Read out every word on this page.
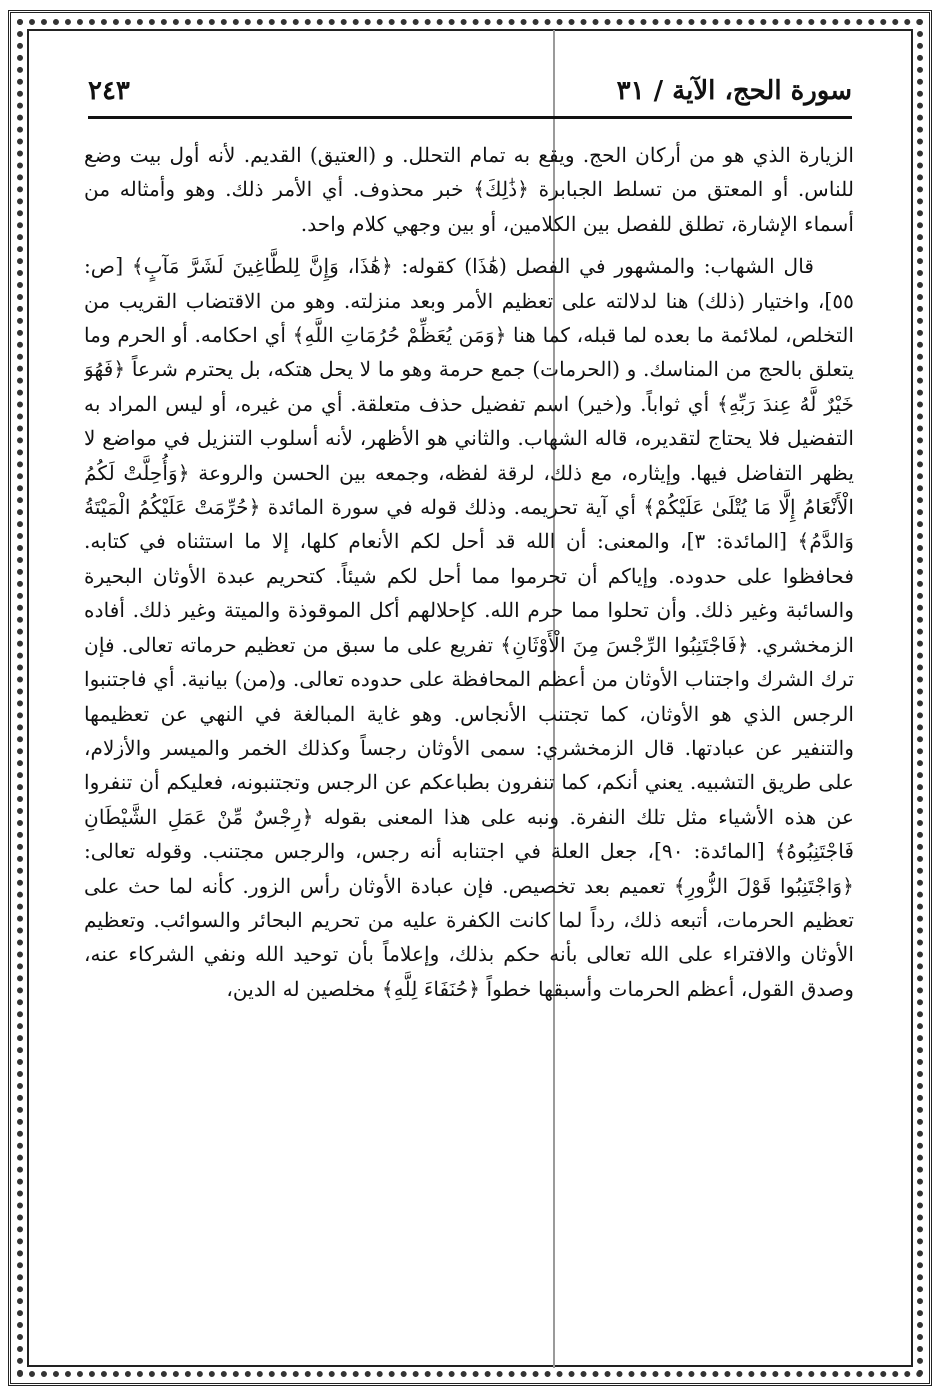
سورة الحج، الآية / ٣١
٢٤٣

الزيارة الذي هو من أركان الحج. ويقع به تمام التحلل. و (العتيق) القديم. لأنه أول بيت وضع للناس. أو المعتق من تسلط الجبابرة ﴿ذَٰلِكَ﴾ خبر محذوف. أي الأمر ذلك. وهو وأمثاله من أسماء الإشارة، تطلق للفصل بين الكلامين، أو بين وجهي كلام واحد.

قال الشهاب: والمشهور في الفصل (هَٰذَا) كقوله: ﴿هَٰذَا، وَإِنَّ لِلطَّاغِينَ لَشَرَّ مَآبٍ﴾ [ص: ٥٥]، واختيار (ذلك) هنا لدلالته على تعظيم الأمر وبعد منزلته. وهو من الاقتضاب القريب من التخلص، لملائمة ما بعده لما قبله، كما هنا ﴿وَمَن يُعَظِّمْ حُرُمَاتِ اللَّهِ﴾ أي احكامه. أو الحرم وما يتعلق بالحج من المناسك. و (الحرمات) جمع حرمة وهو ما لا يحل هتكه، بل يحترم شرعاً ﴿فَهُوَ خَيْرٌ لَّهُ عِندَ رَبِّهِ﴾ أي ثواباً. و(خير) اسم تفضيل حذف متعلقة. أي من غيره، أو ليس المراد به التفضيل فلا يحتاج لتقديره، قاله الشهاب. والثاني هو الأظهر، لأنه أسلوب التنزيل في مواضع لا يظهر التفاضل فيها. وإيثاره، مع ذلك، لرقة لفظه، وجمعه بين الحسن والروعة ﴿وَأُحِلَّتْ لَكُمُ الْأَنْعَامُ إِلَّا مَا يُتْلَىٰ عَلَيْكُمْ﴾ أي آية تحريمه. وذلك قوله في سورة المائدة ﴿حُرِّمَتْ عَلَيْكُمُ الْمَيْتَةُ وَالدَّمُ﴾ [المائدة: ٣]، والمعنى: أن الله قد أحل لكم الأنعام كلها، إلا ما استثناه في كتابه. فحافظوا على حدوده. وإياكم أن تحرموا مما أحل لكم شيئاً. كتحريم عبدة الأوثان البحيرة والسائبة وغير ذلك. وأن تحلوا مما حرم الله. كإحلالهم أكل الموقوذة والميتة وغير ذلك. أفاده الزمخشري. ﴿فَاجْتَنِبُوا الرِّجْسَ مِنَ الْأَوْثَانِ﴾ تفريع على ما سبق من تعظيم حرماته تعالى. فإن ترك الشرك واجتناب الأوثان من أعظم المحافظة على حدوده تعالى. و(من) بيانية. أي فاجتنبوا الرجس الذي هو الأوثان، كما تجتنب الأنجاس. وهو غاية المبالغة في النهي عن تعظيمها والتنفير عن عبادتها. قال الزمخشري: سمى الأوثان رجساً وكذلك الخمر والميسر والأزلام، على طريق التشبيه. يعني أنكم، كما تنفرون بطباعكم عن الرجس وتجتنبونه، فعليكم أن تنفروا عن هذه الأشياء مثل تلك النفرة. ونبه على هذا المعنى بقوله ﴿رِجْسٌ مِّنْ عَمَلِ الشَّيْطَانِ فَاجْتَنِبُوهُ﴾ [المائدة: ٩٠]، جعل العلة في اجتنابه أنه رجس، والرجس مجتنب. وقوله تعالى: ﴿وَاجْتَنِبُوا قَوْلَ الزُّورِ﴾ تعميم بعد تخصيص. فإن عبادة الأوثان رأس الزور. كأنه لما حث على تعظيم الحرمات، أتبعه ذلك، رداً لما كانت الكفرة عليه من تحريم البحائر والسوائب. وتعظيم الأوثان والافتراء على الله تعالى بأنه حكم بذلك، وإعلاماً بأن توحيد الله ونفي الشركاء عنه، وصدق القول، أعظم الحرمات وأسبقها خطواً ﴿حُنَفَاءَ لِلَّهِ﴾ مخلصين له الدين،
